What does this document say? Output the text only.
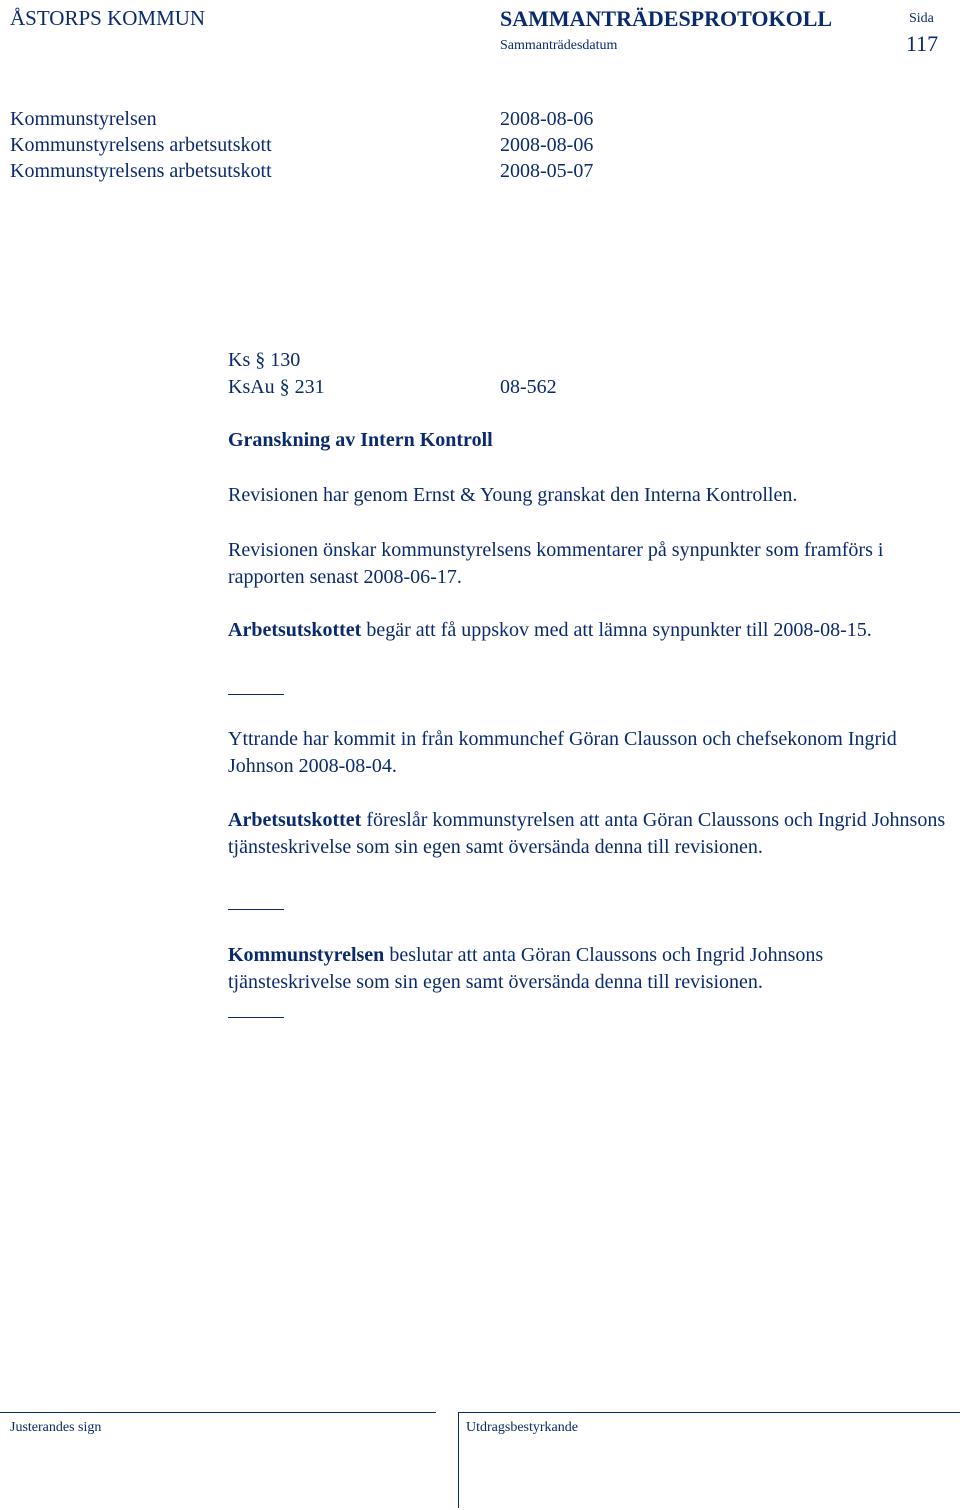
ÅSTORPS KOMMUN	SAMMANTRÄDESPROTOKOLL	Sida
Sammanträdesdatum	117
Kommunstyrelsen	2008-08-06
Kommunstyrelsens arbetsutskott	2008-08-06
Kommunstyrelsens arbetsutskott	2008-05-07
Ks § 130
KsAu § 231	08-562
Granskning av Intern Kontroll
Revisionen har genom Ernst & Young granskat den Interna Kontrollen.
Revisionen önskar kommunstyrelsens kommentarer på synpunkter som framförs i rapporten senast 2008-06-17.
Arbetsutskottet begär att få uppskov med att lämna synpunkter till 2008-08-15.
Yttrande har kommit in från kommunchef Göran Clausson och chefsekonom Ingrid Johnson 2008-08-04.
Arbetsutskottet föreslår kommunstyrelsen att anta Göran Claussons och Ingrid Johnsons tjänsteskrivelse som sin egen samt översända denna till revisionen.
Kommunstyrelsen beslutar att anta Göran Claussons och Ingrid Johnsons tjänsteskrivelse som sin egen samt översända denna till revisionen.
Justerandes sign	Utdragsbestyrkande
